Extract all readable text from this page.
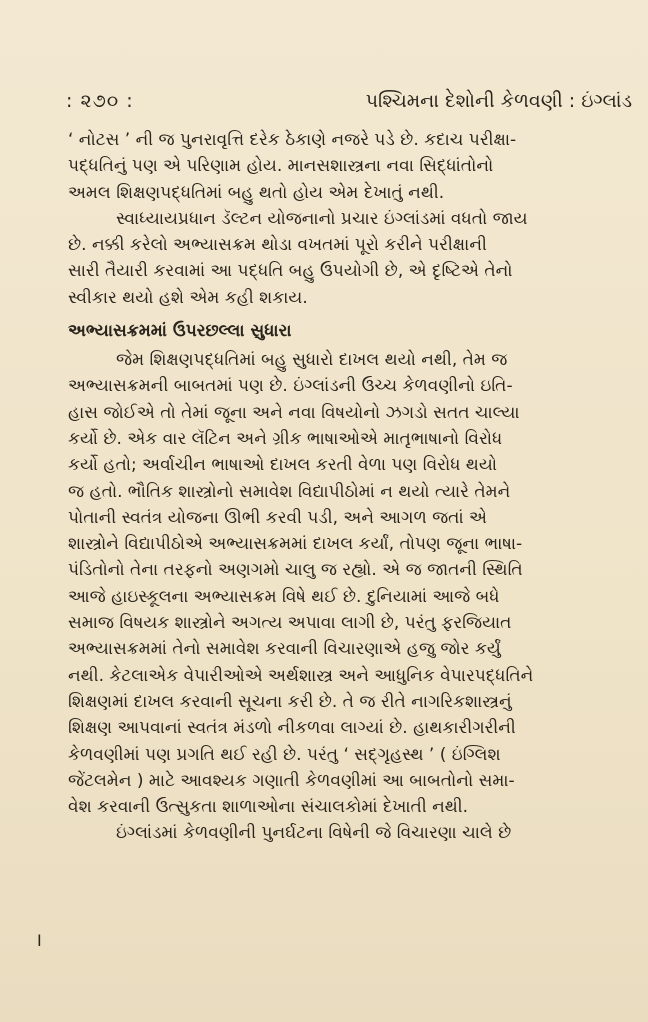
: ૨૭૦ :	પશ્ચિમના દેશોની કેળવણી : ઇંગ્લાંડ
‘ નોટસ ’ ની જ પુનરાવૃત્તિ દરેક ઠેકાણે નજરે પડે છે. કદાચ પરીક્ષા-
પદ્ધતિનું પણ એ પરિણામ હોય. માનસશાસ્ત્રના નવા સિદ્ધાંતોનો
અમલ શિક્ષણપદ્ધતિમાં બહુ થતો હોય એમ દેખાતું નથી.
સ્વાધ્યાયપ્રધાન ડૅલ્ટન યોજનાનો પ્રચાર ઇંગ્લાંડમાં વધતો જાય
છે. નક્કી કરેલો અભ્યાસક્રમ થોડા વખતમાં પૂરો કરીને પરીક્ષાની
સારી તૈયારી કરવામાં આ પદ્ધતિ બહુ ઉપયોગી છે, એ દૃષ્ટિએ તેનો
સ્વીકાર થયો હશે એમ કહી શકાય.
અભ્યાસક્રમમાં ઉપરછલ્લા સુધારા
જેમ શિક્ષણપદ્ધતિમાં બહુ સુધારો દાખલ થયો નથી, તેમ જ
અભ્યાસક્રમની બાબતમાં પણ છે. ઇંગ્લાંડની ઉચ્ચ કેળવણીનો ઇતિ-
હાસ જોઈએ તો તેમાં જૂના અને નવા વિષયોનો ઝગડો સતત ચાલ્યા
કર્યો છે. એક વાર લૅટિન અને ગ્રીક ભાષાઓએ માતૃભાષાનો વિરોધ
કર્યો હતો; અર્વાચીન ભાષાઓ દાખલ કરતી વેળા પણ વિરોધ થયો
જ હતો. ભૌતિક શાસ્ત્રોનો સમાવેશ વિદ્યાપીઠોમાં ન થયો ત્યારે તેમને
પોતાની સ્વતંત્ર યોજના ઊભી કરવી પડી, અને આગળ જતાં એ
શાસ્ત્રોને વિદ્યાપીઠોએ અભ્યાસક્રમમાં દાખલ કર્યાં, તોપણ જૂના ભાષા-
પંડિતોનો તેના તરફનો અણગમો ચાલુ જ રહ્યો. એ જ જાતની સ્થિતિ
આજે હાઇસ્કૂલના અભ્યાસક્રમ વિષે થઈ છે. દુનિયામાં આજે બધે
સમાજ વિષયક શાસ્ત્રોને અગત્ય અપાવા લાગી છે, પરંતુ ફરજિયાત
અભ્યાસક્રમમાં તેનો સમાવેશ કરવાની વિચારણાએ હજુ જોર કર્યું
નથી. કેટલાએક વેપારીઓએ અર્થશાસ્ત્ર અને આધુનિક વેપારપદ્ધતિને
શિક્ષણમાં દાખલ કરવાની સૂચના કરી છે. તે જ રીતે નાગરિકશાસ્ત્રનું
શિક્ષણ આપવાનાં સ્વતંત્ર મંડળો નીકળવા લાગ્યાં છે. હાથકારીગરીની
કેળવણીમાં પણ પ્રગતિ થઈ રહી છે. પરંતુ ‘ સદ્‌ગૃહસ્થ ’ ( ઇંગ્લિશ
જેંટલમેન ) માટે આવશ્યક ગણાતી કેળવણીમાં આ બાબતોનો સમા-
વેશ કરવાની ઉત્સુકતા શાળાઓના સંચાલકોમાં દેખાતી નથી.
ઇંગ્લાંડમાં કેળવણીની પુનર્ઘટના વિષેની જે વિચારણા ચાલે છે
I
